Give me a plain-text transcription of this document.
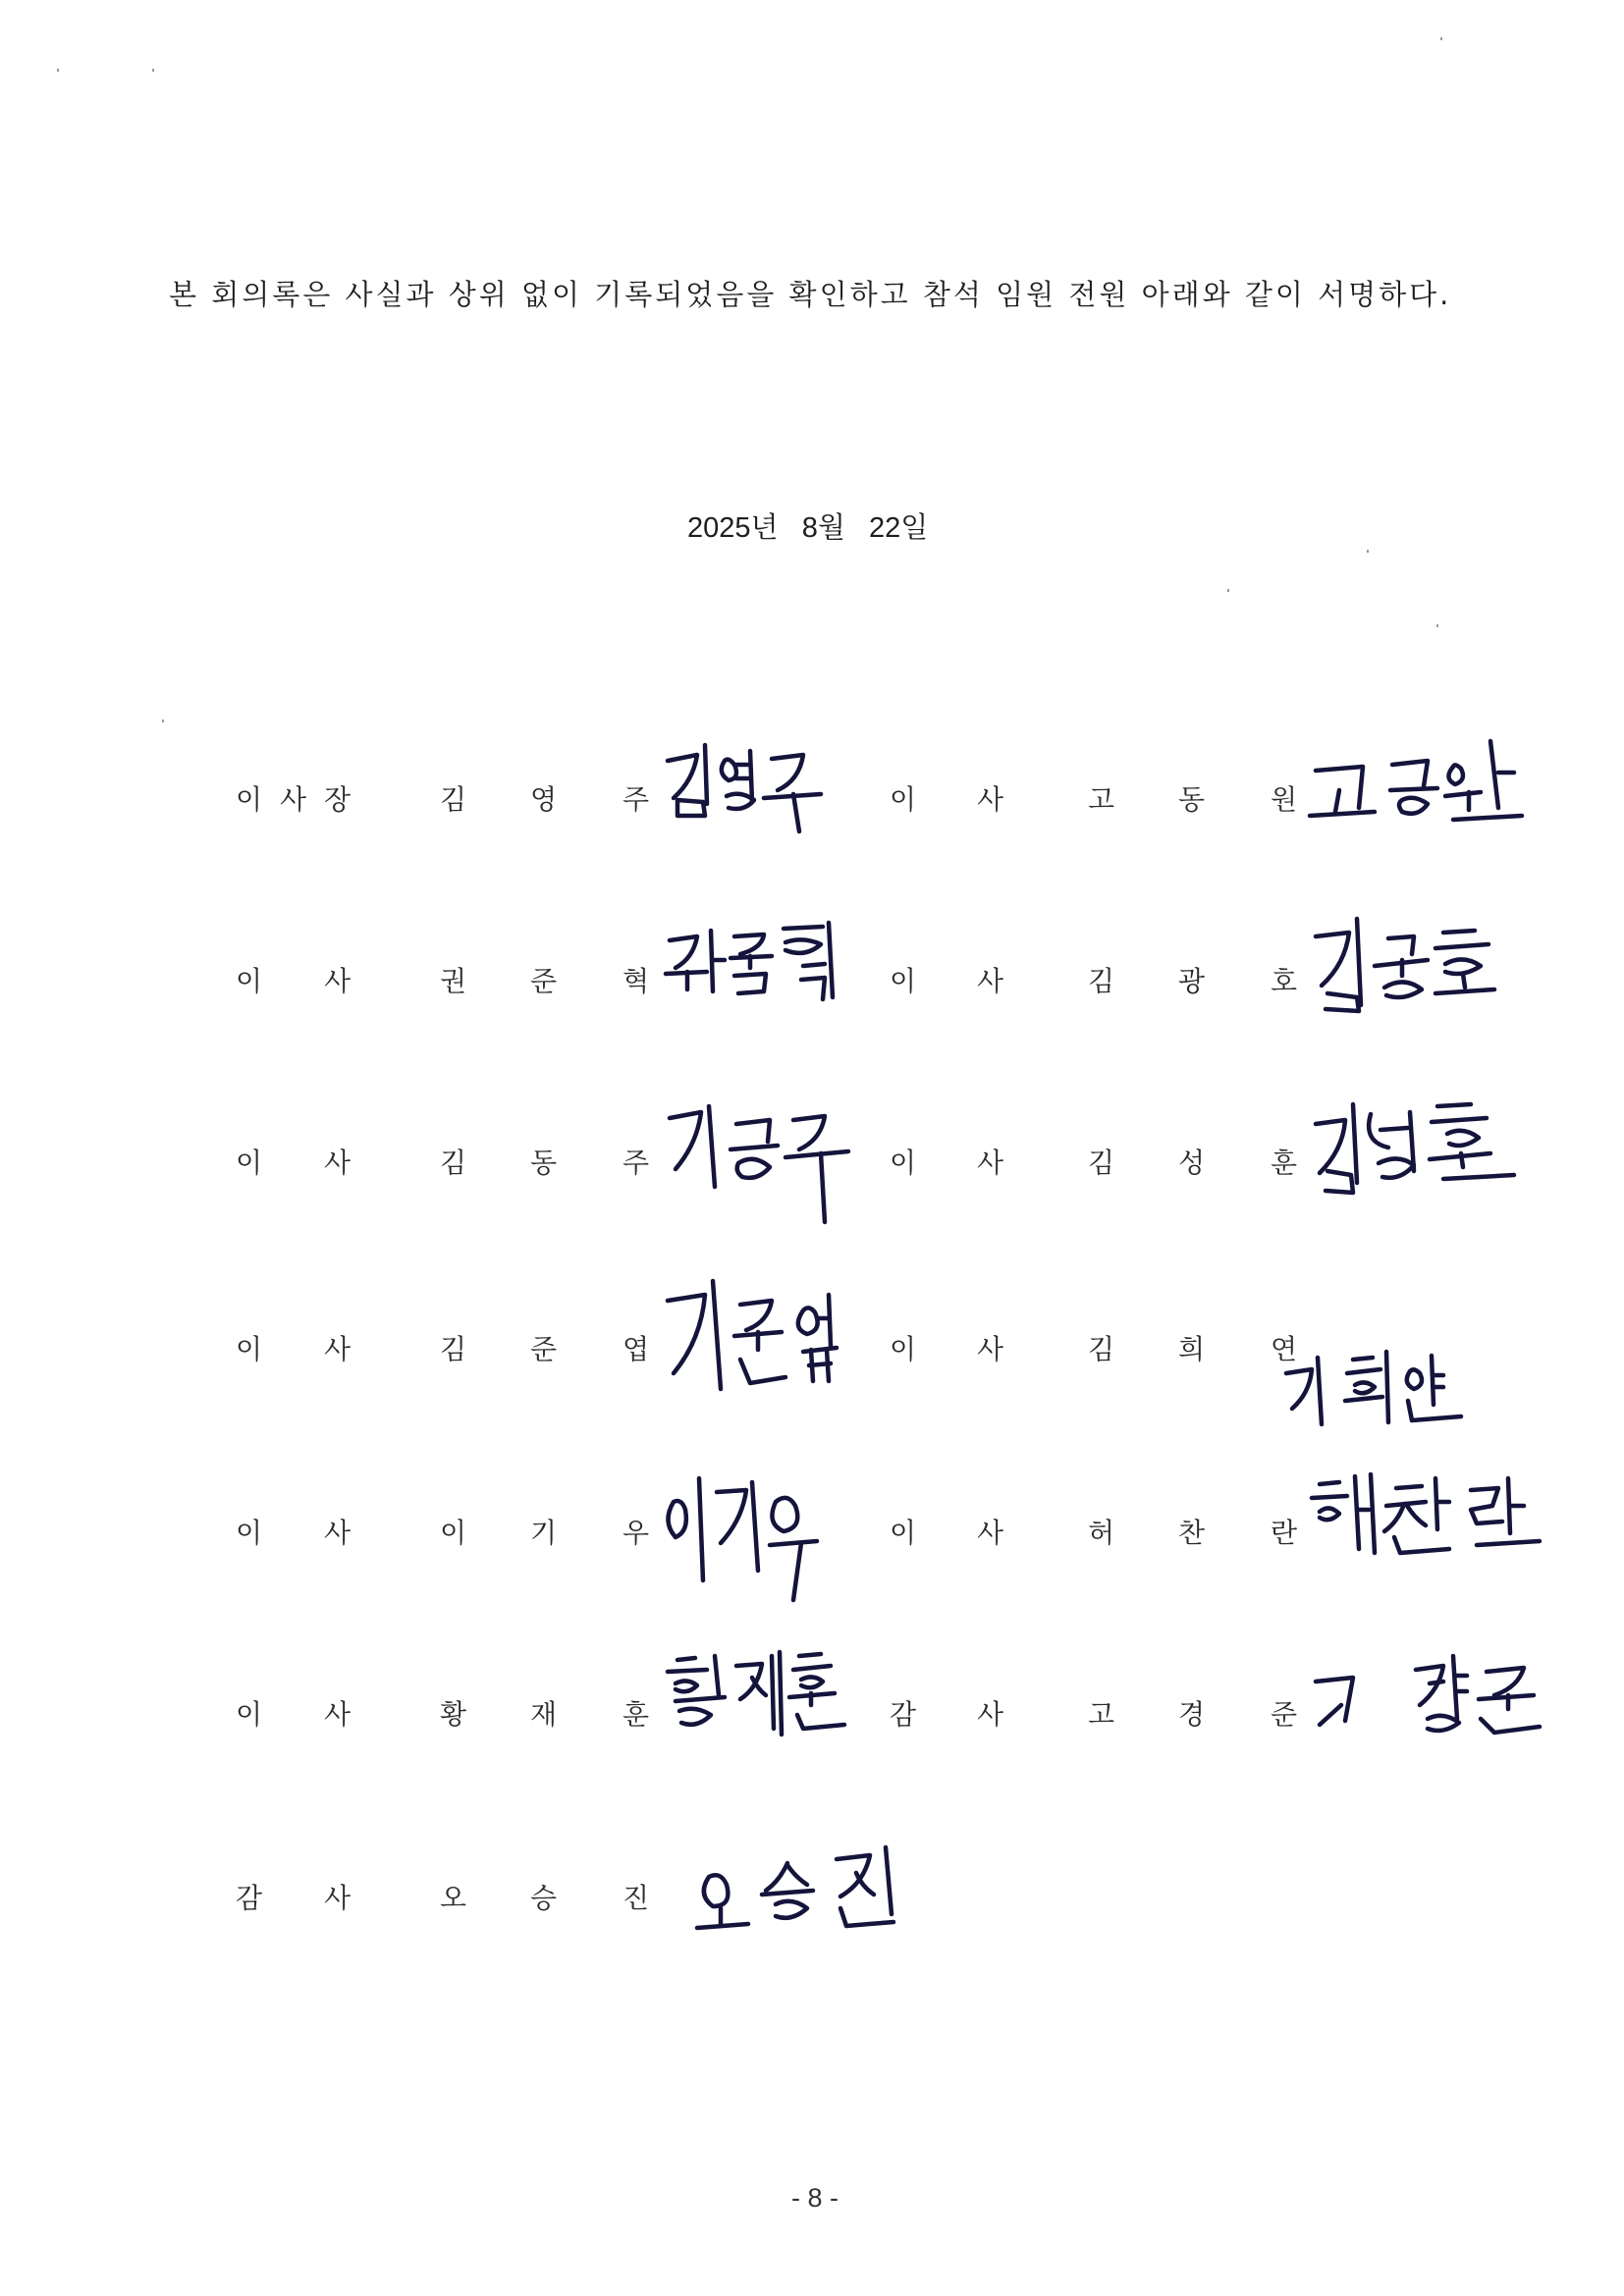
본 회의록은 사실과 상위 없이 기록되었음을 확인하고 참석 임원 전원 아래와 같이 서명하다.
2025년   8월   22일
이 사 장	김 영 주	이 사	고 동 원
이 사	권 준 혁	이 사	김 광 호
이 사	김 동 주	이 사	김 성 훈
이 사	김 준 엽	이 사	김 희 연
이 사	이 기 우	이 사	허 찬 란
이 사	황 재 훈	감 사	고 경 준
감 사	오 승 진
- 8 -
